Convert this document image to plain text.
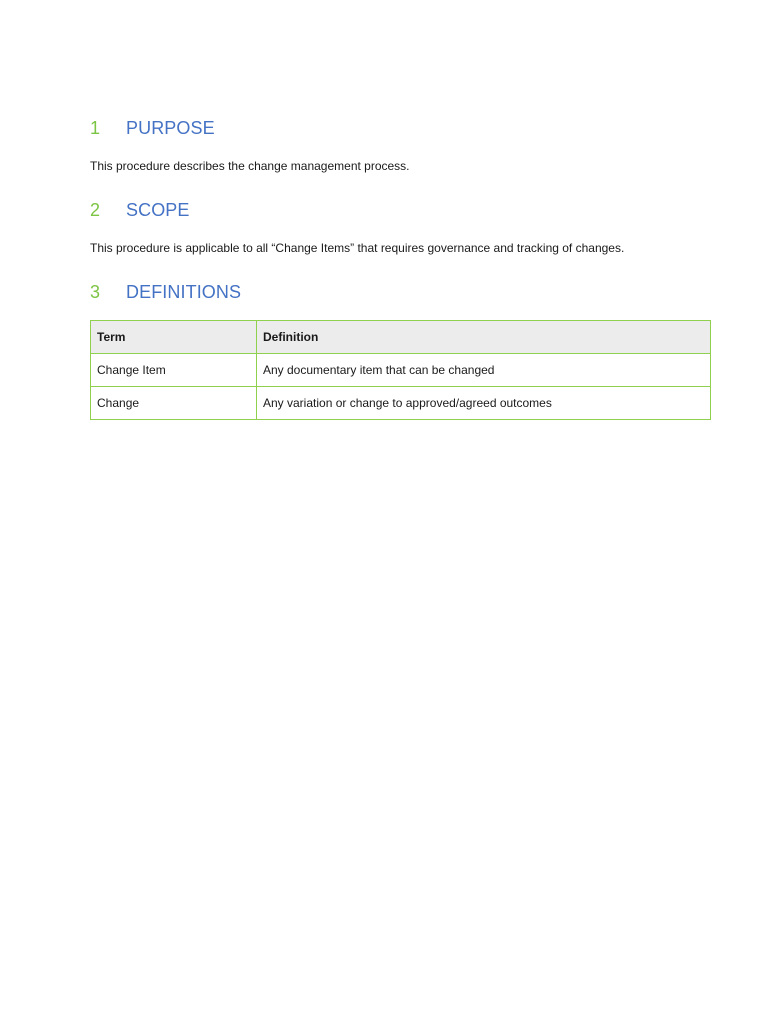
1	PURPOSE

This procedure describes the change management process.

2	SCOPE

This procedure is applicable to all “Change Items” that requires governance and tracking of changes.

3	DEFINITIONS
Term	Definition
Change Item	Any documentary item that can be changed
Change	Any variation or change to approved/agreed outcomes
